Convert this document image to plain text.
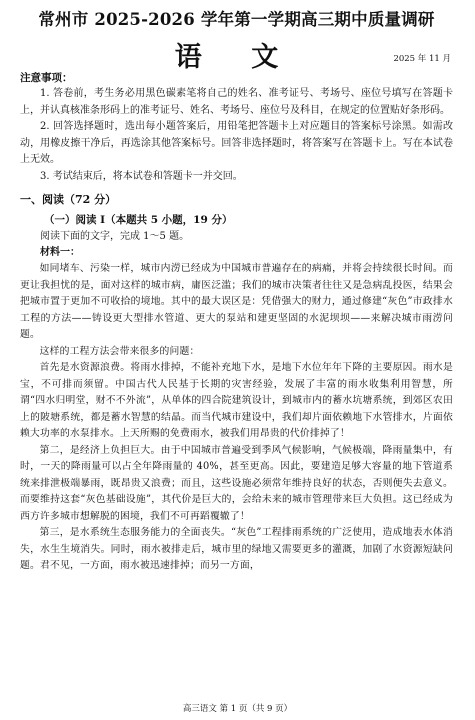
常州市 2025-2026 学年第一学期高三期中质量调研
语 文	2025 年 11 月
注意事项：

1. 答卷前，考生务必用黑色碳素笔将自己的姓名、准考证号、考场号、座位号填写在答题卡上，并认真核准条形码上的准考证号、姓名、考场号、座位号及科目，在规定的位置贴好条形码。

2. 回答选择题时，选出每小题答案后，用铅笔把答题卡上对应题目的答案标号涂黑。如需改动，用橡皮擦干净后，再选涂其他答案标号。回答非选择题时，将答案写在答题卡上。写在本试卷上无效。

3. 考试结束后，将本试卷和答题卡一并交回。

一、阅读（72 分）
（一）阅读 Ⅰ（本题共 5 小题，19 分）
阅读下面的文字，完成 1～5 题。
材料一：

如同堵车、污染一样，城市内涝已经成为中国城市普遍存在的病痛，并将会持续很长时间。而更让我担忧的是，面对这样的城市病，庸医泛滥；我们的城市决策者往往又是急病乱投医，结果会把城市置于更加不可收拾的境地。其中的最大误区是：凭借强大的财力，通过修建“灰色”市政排水工程的方法——铸设更大型排水管道、更大的泵站和建更坚固的水泥坝坝——来解决城市雨涝问题。

这样的工程方法会带来很多的问题：

首先是水资源浪费。将雨水排掉，不能补充地下水，是地下水位年年下降的主要原因。雨水是宝，不可排而须留。中国古代人民基于长期的灾害经验，发展了丰富的雨水收集利用智慧，所谓“四水归明堂，财不不外流”，从单体的四合院建筑设计，到城市内的蓄水坑塘系统，到郊区农田上的陂塘系统，都是蓄水智慧的结晶。而当代城市建设中，我们却片面依赖地下水管排水，片面依赖大功率的水泵排水。上天所赐的免费雨水，被我们用昂贵的代价排掉了！

第二，是经济上负担巨大。由于中国城市普遍受到季风气候影响，气候极端，降雨量集中，有时，一天的降雨量可以占全年降雨量的 40%，甚至更高。因此，要建造足够大容量的地下管道系统来排泄极端暴雨，既昂贵又浪费；而且，这些设施必须常年维持良好的状态，否则便失去意义。而要维持这套“灰色基础设施”，其代价是巨大的，会给未来的城市管理带来巨大负担。这已经成为西方许多城市想解脱的困境，我们不可再蹈覆辙了！

第三，是水系统生态服务能力的全面丧失。“灰色”工程排雨系统的广泛使用，造成地表水体消失，水生生境消失。同时，雨水被排走后，城市里的绿地又需要更多的灌溉，加剧了水资源短缺问题。君不见，一方面，雨水被迅速排掉；而另一方面，

高三语文 第 1 页（共 9 页）
